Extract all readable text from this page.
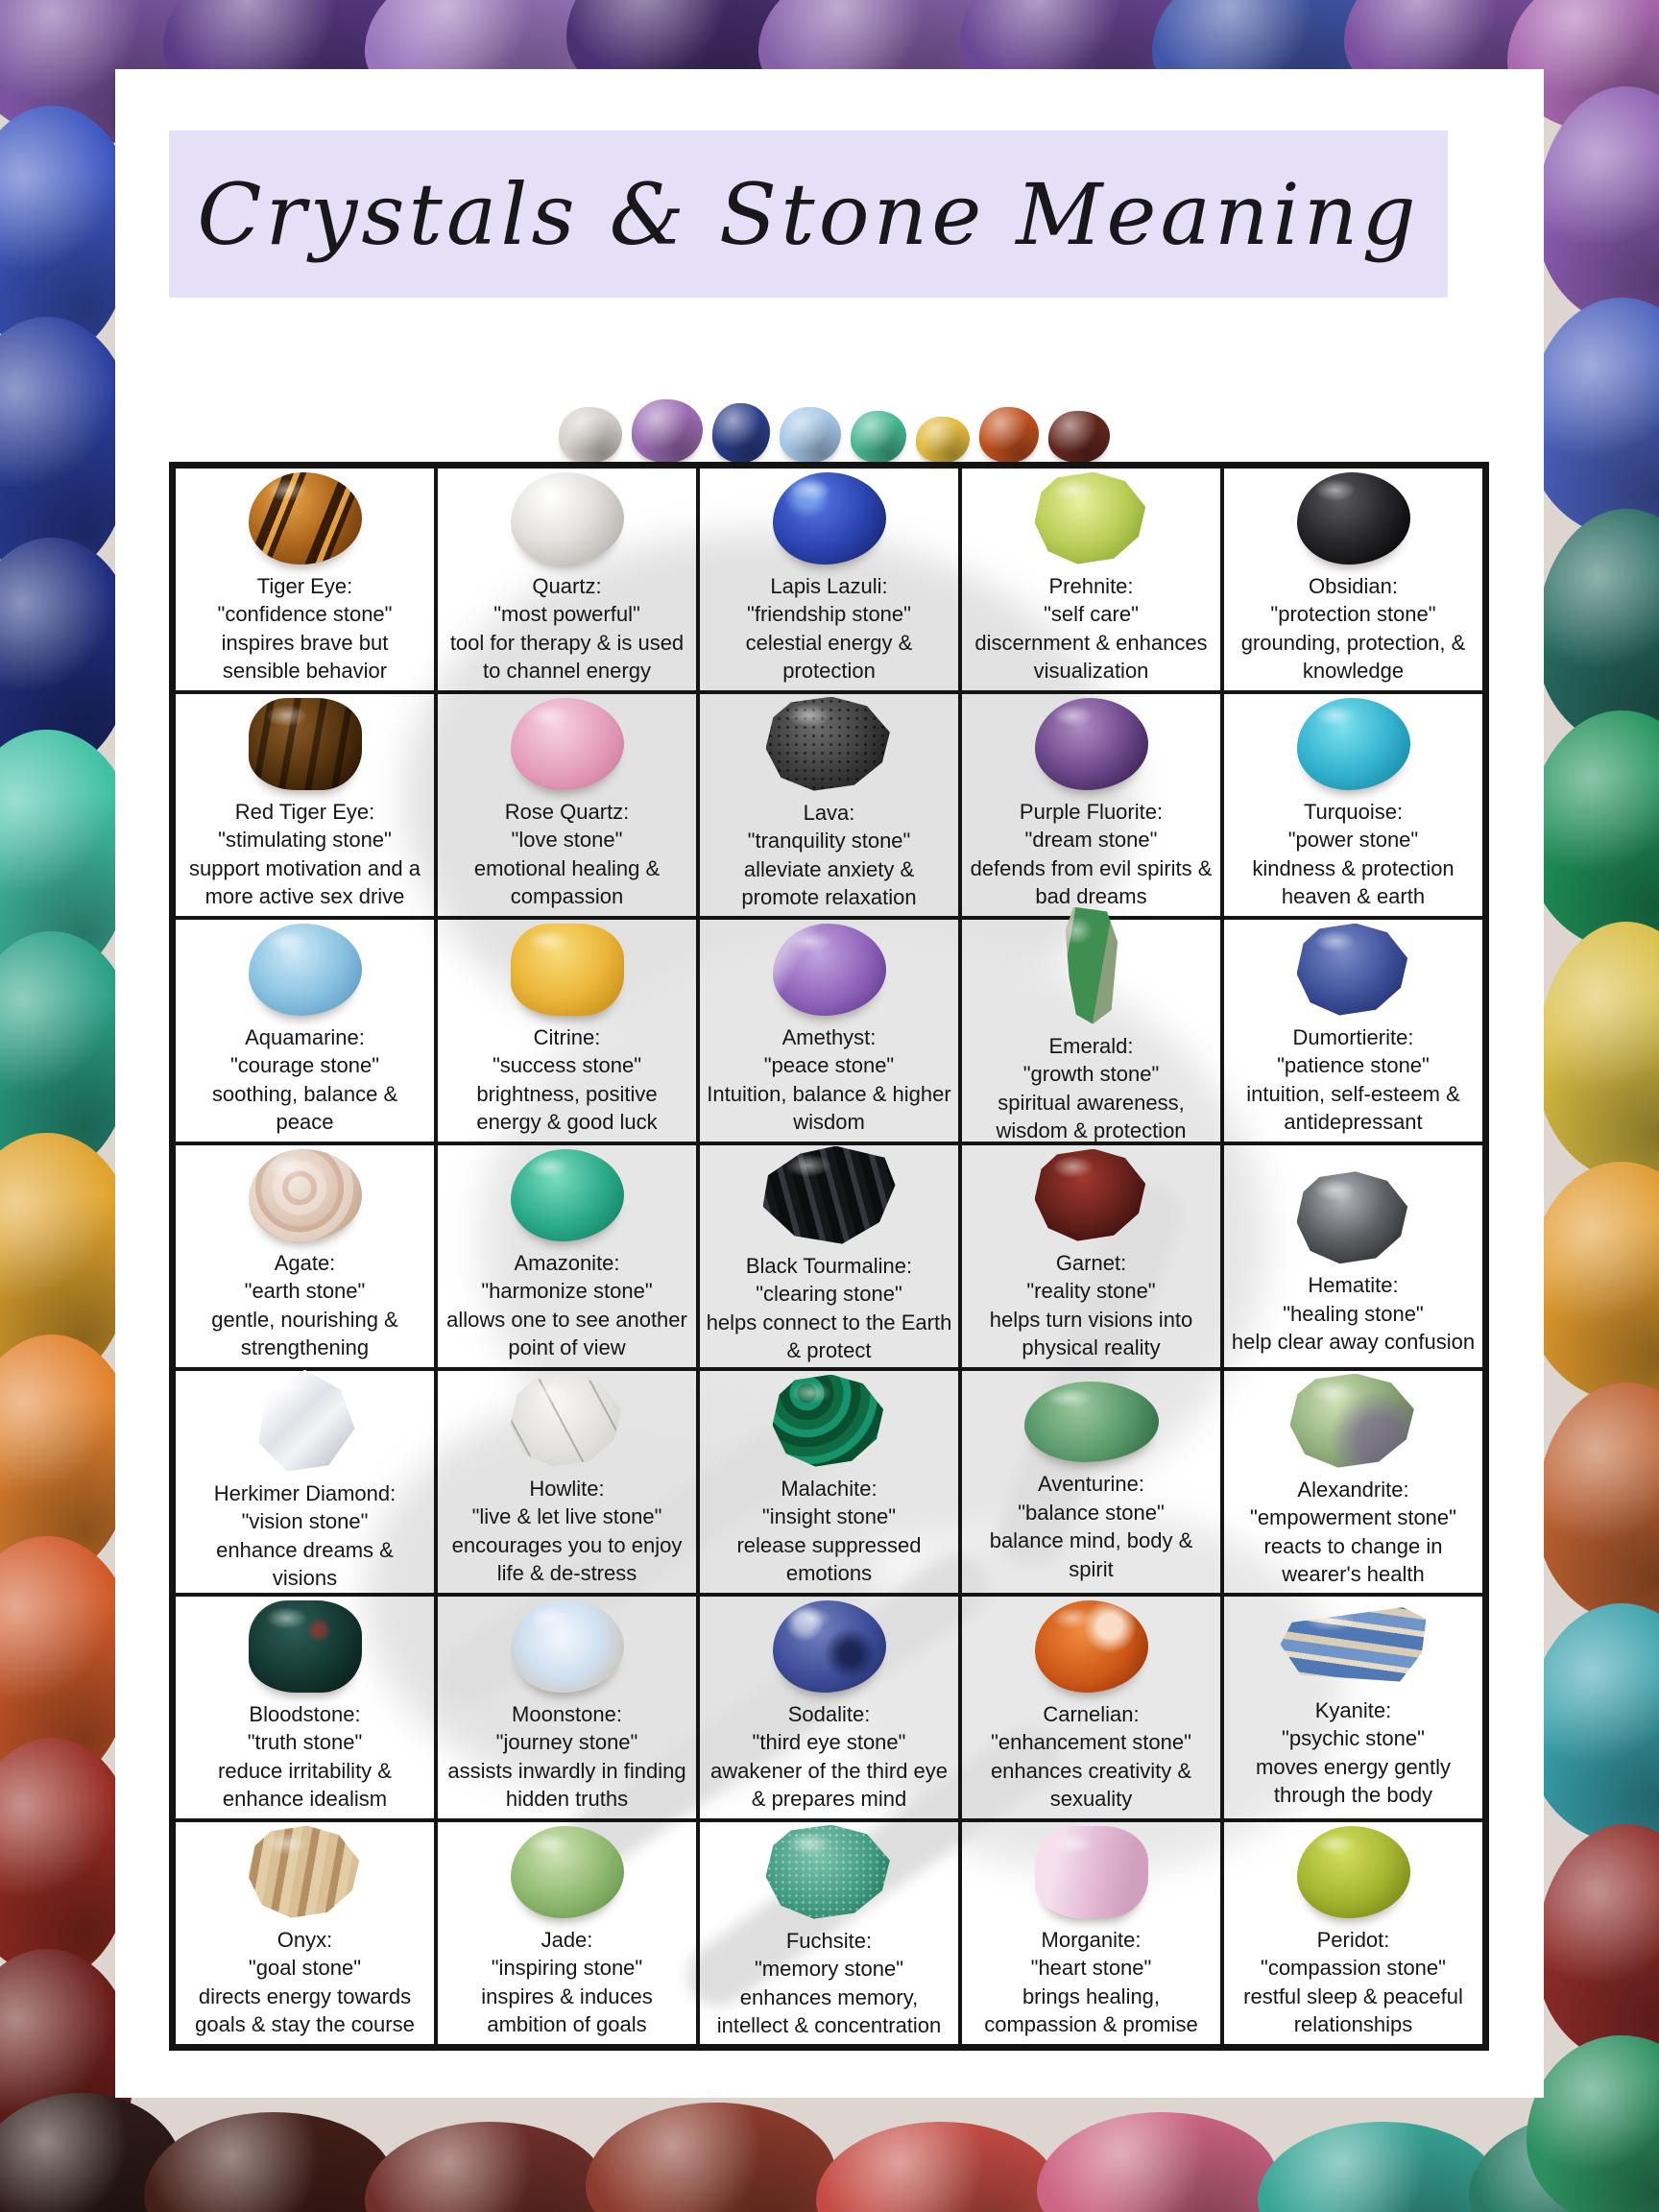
Crystals & Stone Meaning
Tiger Eye:
"confidence stone"
inspires brave but sensible behavior
Quartz:
"most powerful"
tool for therapy & is used to channel energy
Lapis Lazuli:
"friendship stone"
celestial energy & protection
Prehnite:
"self care"
discernment & enhances visualization
Obsidian:
"protection stone"
grounding, protection, & knowledge
Red Tiger Eye:
"stimulating stone"
support motivation and a more active sex drive
Rose Quartz:
"love stone"
emotional healing & compassion
Lava:
"tranquility stone"
alleviate anxiety & promote relaxation
Purple Fluorite:
"dream stone"
defends from evil spirits & bad dreams
Turquoise:
"power stone"
kindness & protection heaven & earth
Aquamarine:
"courage stone"
soothing, balance & peace
Citrine:
"success stone"
brightness, positive energy & good luck
Amethyst:
"peace stone"
Intuition, balance & higher wisdom
Emerald:
"growth stone"
spiritual awareness, wisdom & protection
Dumortierite:
"patience stone"
intuition, self-esteem & antidepressant
Agate:
"earth stone"
gentle, nourishing & strengthening
Amazonite:
"harmonize stone"
allows one to see another point of view
Black Tourmaline:
"clearing stone"
helps connect to the Earth & protect
Garnet:
"reality stone"
helps turn visions into physical reality
Hematite:
"healing stone"
help clear away confusion
Herkimer Diamond:
"vision stone"
enhance dreams & visions
Howlite:
"live & let live stone"
encourages you to enjoy life & de-stress
Malachite:
"insight stone"
release suppressed emotions
Aventurine:
"balance stone"
balance mind, body & spirit
Alexandrite:
"empowerment stone"
reacts to change in wearer's health
Bloodstone:
"truth stone"
reduce irritability & enhance idealism
Moonstone:
"journey stone"
assists inwardly in finding hidden truths
Sodalite:
"third eye stone"
awakener of the third eye & prepares mind
Carnelian:
"enhancement stone"
enhances creativity & sexuality
Kyanite:
"psychic stone"
moves energy gently through the body
Onyx:
"goal stone"
directs energy towards goals & stay the course
Jade:
"inspiring stone"
inspires & induces ambition of goals
Fuchsite:
"memory stone"
enhances memory, intellect & concentration
Morganite:
"heart stone"
brings healing, compassion & promise
Peridot:
"compassion stone"
restful sleep & peaceful relationships
